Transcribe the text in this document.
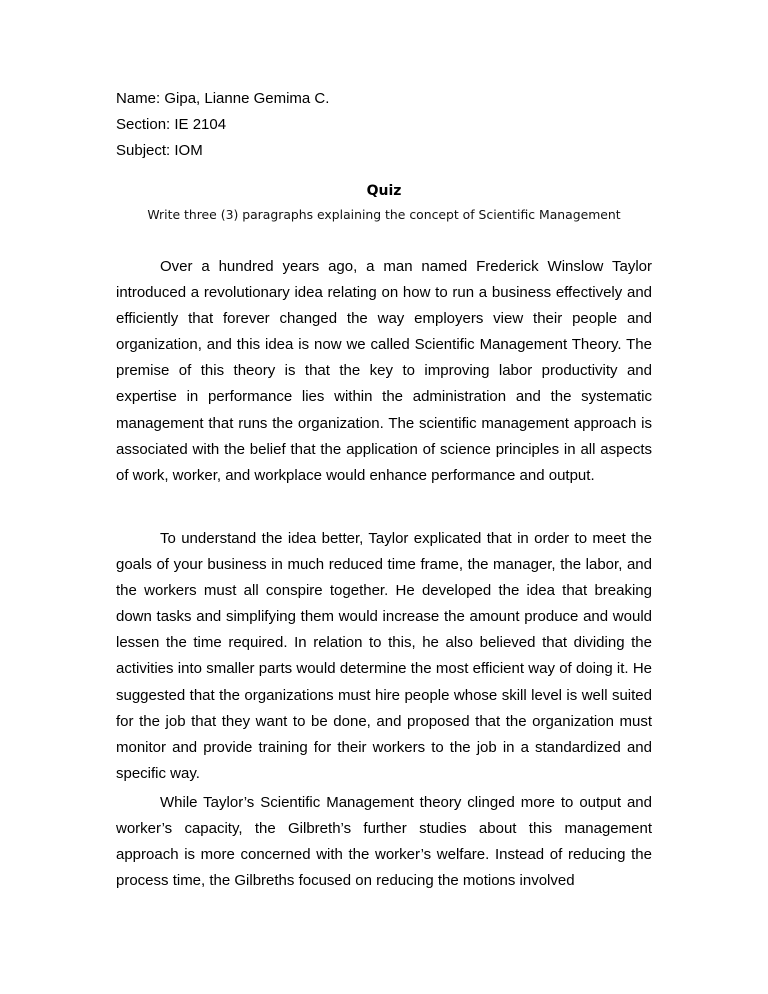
Name: Gipa, Lianne Gemima C.
Section: IE 2104
Subject: IOM
Quiz
Write three (3) paragraphs explaining the concept of Scientific Management

Over a hundred years ago, a man named Frederick Winslow Taylor introduced a revolutionary idea relating on how to run a business effectively and efficiently that forever changed the way employers view their people and organization, and this idea is now we called Scientific Management Theory. The premise of this theory is that the key to improving labor productivity and expertise in performance lies within the administration and the systematic management that runs the organization. The scientific management approach is associated with the belief that the application of science principles in all aspects of work, worker, and workplace would enhance performance and output.

To understand the idea better, Taylor explicated that in order to meet the goals of your business in much reduced time frame, the manager, the labor, and the workers must all conspire together. He developed the idea that breaking down tasks and simplifying them would increase the amount produce and would lessen the time required. In relation to this, he also believed that dividing the activities into smaller parts would determine the most efficient way of doing it. He suggested that the organizations must hire people whose skill level is well suited for the job that they want to be done, and proposed that the organization must monitor and provide training for their workers to the job in a standardized and specific way.

While Taylor’s Scientific Management theory clinged more to output and worker’s capacity, the Gilbreth’s further studies about this management approach is more concerned with the worker’s welfare. Instead of reducing the process time, the Gilbreths focused on reducing the motions involved
